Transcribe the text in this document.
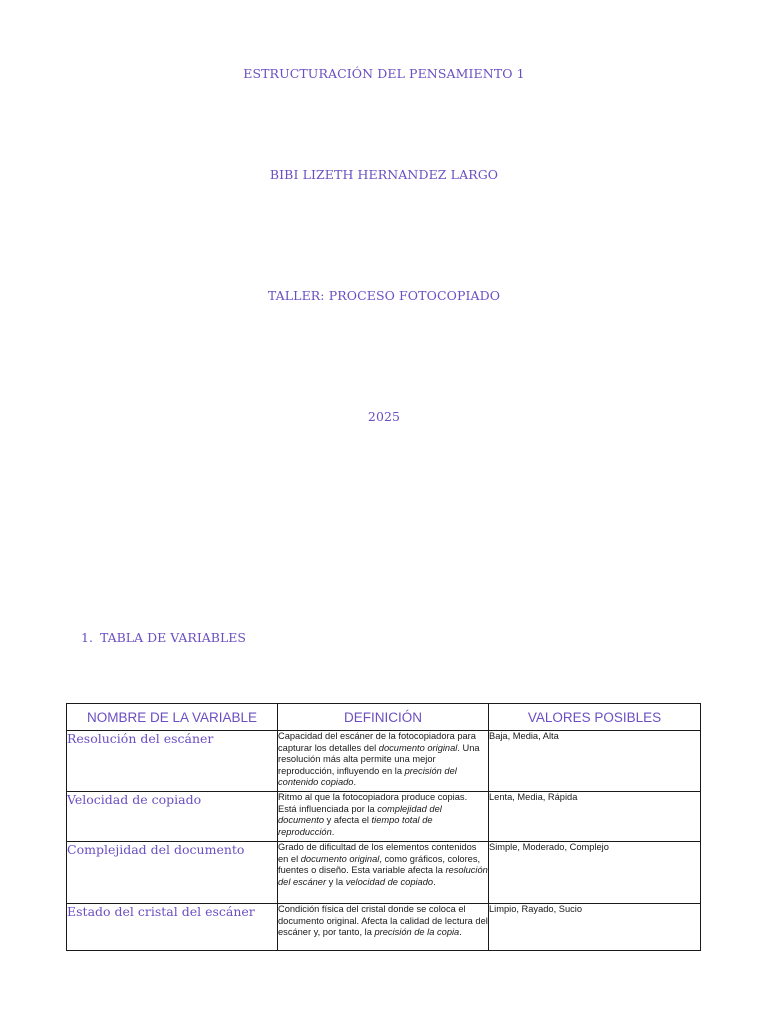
ESTRUCTURACIÓN DEL PENSAMIENTO 1
BIBI LIZETH HERNANDEZ LARGO
TALLER: PROCESO FOTOCOPIADO
2025
1. TABLA DE VARIABLES
NOMBRE DE LA VARIABLE	DEFINICIÓN	VALORES POSIBLES
Resolución del escáner	Capacidad del escáner de la fotocopiadora para capturar los detalles del documento original. Una resolución más alta permite una mejor reproducción, influyendo en la precisión del contenido copiado.	Baja, Media, Alta
Velocidad de copiado	Ritmo al que la fotocopiadora produce copias. Está influenciada por la complejidad del documento y afecta el tiempo total de reproducción.	Lenta, Media, Rápida
Complejidad del documento	Grado de dificultad de los elementos contenidos en el documento original, como gráficos, colores, fuentes o diseño. Esta variable afecta la resolución del escáner y la velocidad de copiado.	Simple, Moderado, Complejo
Estado del cristal del escáner	Condición física del cristal donde se coloca el documento original. Afecta la calidad de lectura del escáner y, por tanto, la precisión de la copia.	Limpio, Rayado, Sucio
